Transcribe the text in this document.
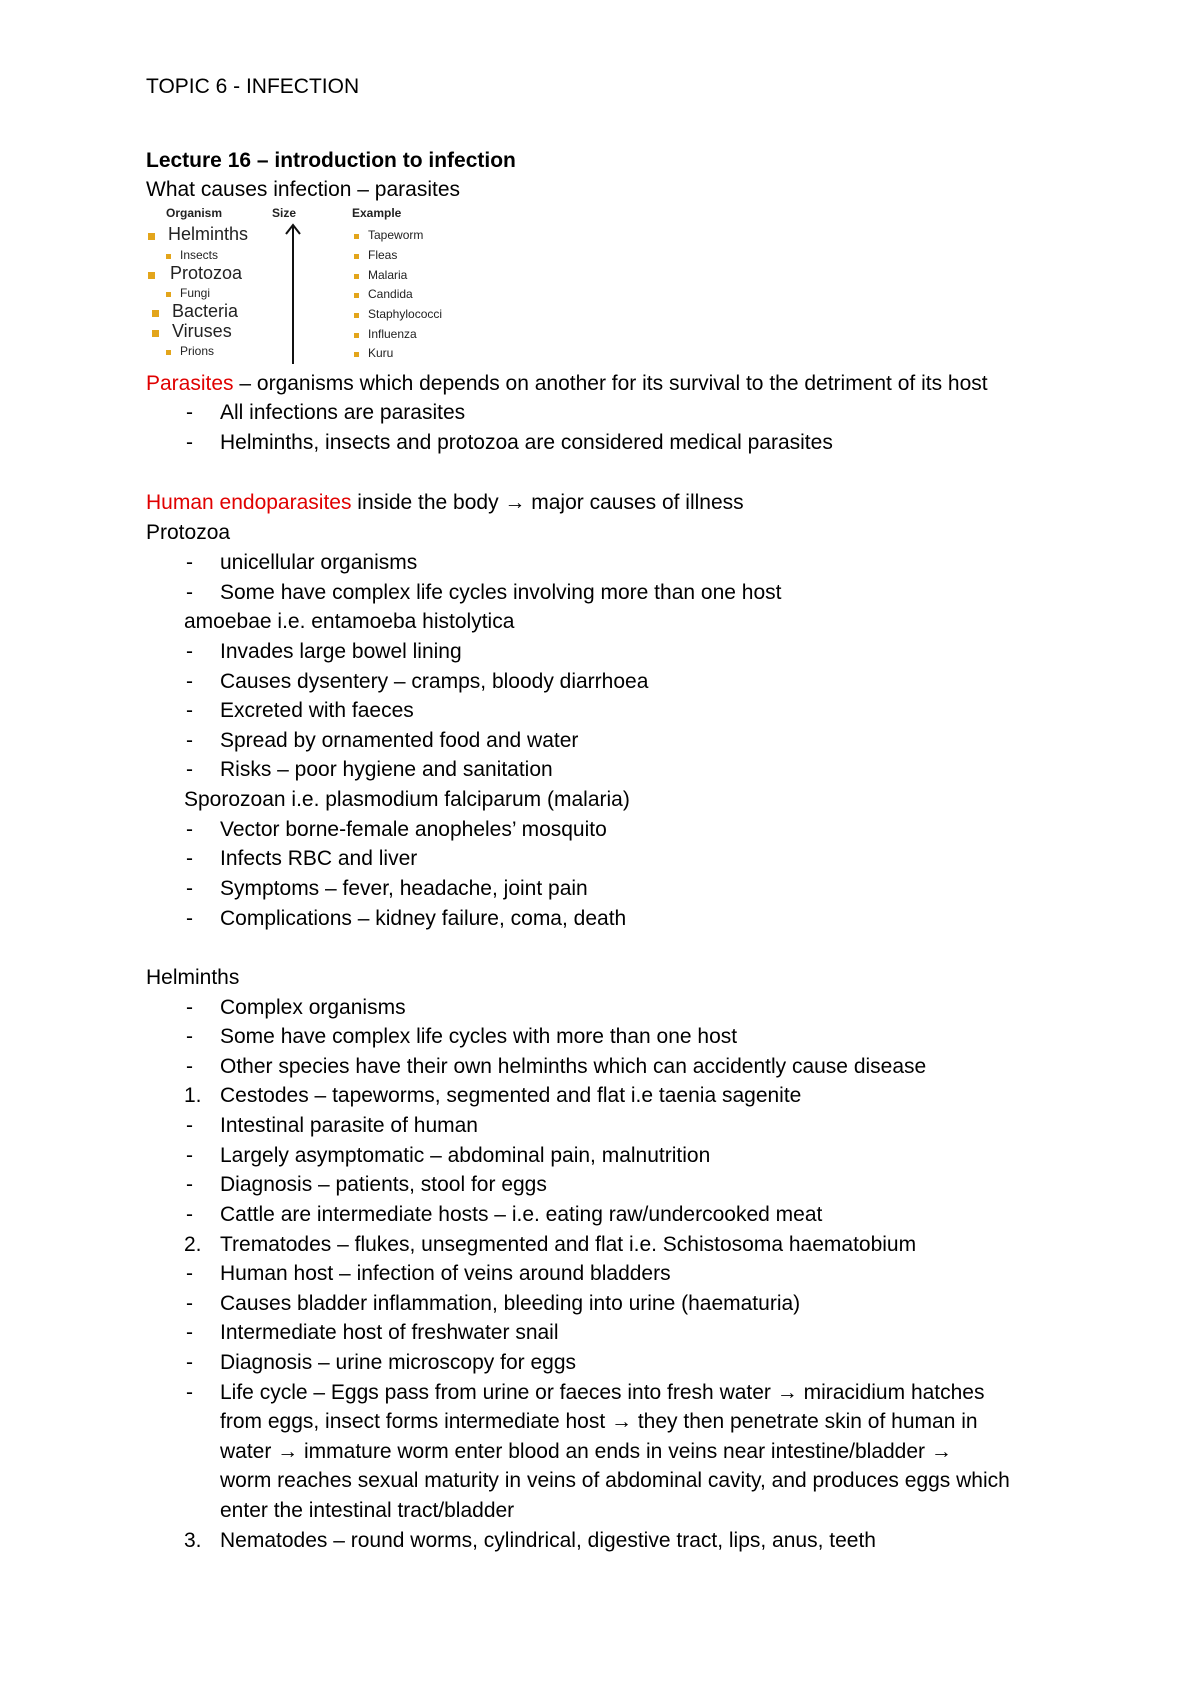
TOPIC 6 - INFECTION
Lecture 16 – introduction to infection
What causes infection – parasites
Organism	Size	Example
Helminths
Insects
Protozoa
Fungi
Bacteria
Viruses
Prions
Tapeworm
Fleas
Malaria
Candida
Staphylococci
Influenza
Kuru
Parasites – organisms which depends on another for its survival to the detriment of its host
- All infections are parasites
- Helminths, insects and protozoa are considered medical parasites
Human endoparasites inside the body → major causes of illness
Protozoa
- unicellular organisms
- Some have complex life cycles involving more than one host
amoebae i.e. entamoeba histolytica
- Invades large bowel lining
- Causes dysentery – cramps, bloody diarrhoea
- Excreted with faeces
- Spread by ornamented food and water
- Risks – poor hygiene and sanitation
Sporozoan i.e. plasmodium falciparum (malaria)
- Vector borne-female anopheles’ mosquito
- Infects RBC and liver
- Symptoms – fever, headache, joint pain
- Complications – kidney failure, coma, death
Helminths
- Complex organisms
- Some have complex life cycles with more than one host
- Other species have their own helminths which can accidently cause disease
1. Cestodes – tapeworms, segmented and flat i.e taenia sagenite
- Intestinal parasite of human
- Largely asymptomatic – abdominal pain, malnutrition
- Diagnosis – patients, stool for eggs
- Cattle are intermediate hosts – i.e. eating raw/undercooked meat
2. Trematodes – flukes, unsegmented and flat i.e. Schistosoma haematobium
- Human host – infection of veins around bladders
- Causes bladder inflammation, bleeding into urine (haematuria)
- Intermediate host of freshwater snail
- Diagnosis – urine microscopy for eggs
- Life cycle – Eggs pass from urine or faeces into fresh water → miracidium hatches
from eggs, insect forms intermediate host → they then penetrate skin of human in
water → immature worm enter blood an ends in veins near intestine/bladder →
worm reaches sexual maturity in veins of abdominal cavity, and produces eggs which
enter the intestinal tract/bladder
3. Nematodes – round worms, cylindrical, digestive tract, lips, anus, teeth
